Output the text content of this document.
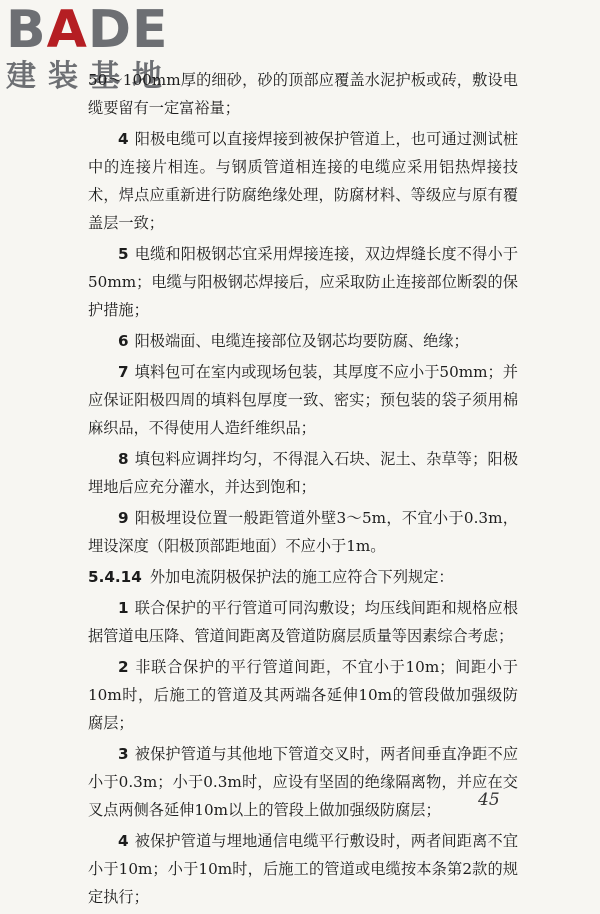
BADE
建装基地

50～100mm厚的细砂，砂的顶部应覆盖水泥护板或砖，敷设电缆要留有一定富裕量；

4 阳极电缆可以直接焊接到被保护管道上，也可通过测试桩中的连接片相连。与钢质管道相连接的电缆应采用铝热焊接技术，焊点应重新进行防腐绝缘处理，防腐材料、等级应与原有覆盖层一致；

5 电缆和阳极钢芯宜采用焊接连接，双边焊缝长度不得小于50mm；电缆与阳极钢芯焊接后，应采取防止连接部位断裂的保护措施；

6 阳极端面、电缆连接部位及钢芯均要防腐、绝缘；

7 填料包可在室内或现场包装，其厚度不应小于50mm；并应保证阳极四周的填料包厚度一致、密实；预包装的袋子须用棉麻织品，不得使用人造纤维织品；

8 填包料应调拌均匀，不得混入石块、泥土、杂草等；阳极埋地后应充分灌水，并达到饱和；

9 阳极埋设位置一般距管道外壁3～5m，不宜小于0.3m，埋设深度（阳极顶部距地面）不应小于1m。

5.4.14 外加电流阴极保护法的施工应符合下列规定：

1 联合保护的平行管道可同沟敷设；均压线间距和规格应根据管道电压降、管道间距离及管道防腐层质量等因素综合考虑；

2 非联合保护的平行管道间距，不宜小于10m；间距小于10m时，后施工的管道及其两端各延伸10m的管段做加强级防腐层；

3 被保护管道与其他地下管道交叉时，两者间垂直净距不应小于0.3m；小于0.3m时，应设有坚固的绝缘隔离物，并应在交叉点两侧各延伸10m以上的管段上做加强级防腐层；

4 被保护管道与埋地通信电缆平行敷设时，两者间距离不宜小于10m；小于10m时，后施工的管道或电缆按本条第2款的规定执行；

45
